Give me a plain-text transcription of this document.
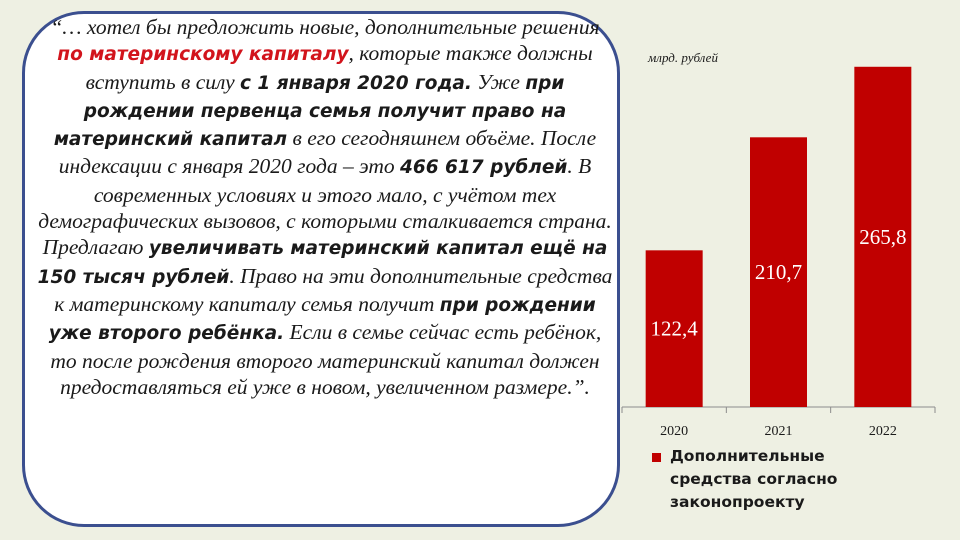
“… хотел бы предложить новые, дополнительные решения по материнскому капиталу, которые также должны вступить в силу с 1 января 2020 года. Уже при рождении первенца семья получит право на материнский капитал в его сегодняшнем объёме. После индексации с января 2020 года – это 466 617 рублей. В современных условиях и этого мало, с учётом тех демографических вызовов, с которыми сталкивается страна. Предлагаю увеличивать материнский капитал ещё на 150 тысяч рублей. Право на эти дополнительные средства к материнскому капиталу семья получит при рождении уже второго ребёнка. Если в семье сейчас есть ребёнок, то после рождения второго материнский капитал должен предоставляться ей уже в новом, увеличенном размере.”.
млрд. рублей
122,4
2020
210,7
2021
265,8
2022
Дополнительные средства согласно законопроекту
